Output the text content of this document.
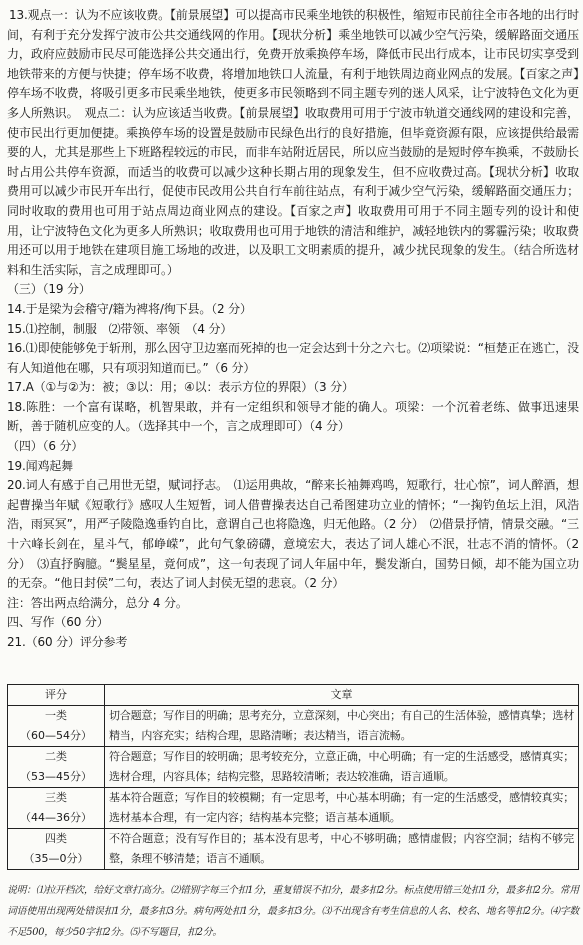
13.观点一：认为不应该收费。【前景展望】可以提高市民乘坐地铁的积极性，缩短市民前往全市各地的出行时间，有利于充分发挥宁波市公共交通线网的作用。【现状分析】乘坐地铁可以减少空气污染，缓解路面交通压力，政府应鼓励市民尽可能选择公共交通出行，免费开放乘换停车场，降低市民出行成本，让市民切实享受到地铁带来的方便与快捷；停车场不收费，将增加地铁口人流量，有利于地铁周边商业网点的发展。【百家之声】停车场不收费，将吸引更多市民乘坐地铁，使更多市民领略到不同主题专列的迷人风采，让宁波特色文化为更多人所熟识。　观点二：认为应该适当收费。【前景展望】收取费用可用于宁波市轨道交通线网的建设和完善，使市民出行更加便捷。乘换停车场的设置是鼓励市民绿色出行的良好措施，但毕竟资源有限，应该提供给最需要的人，尤其是那些上下班路程较远的市民，而非车站附近居民，所以应当鼓励的是短时停车换乘，不鼓励长时占用公共停车资源，而适当的收费可以减少这种长期占用的现象发生，但不应收费过高。【现状分析】收取费用可以减少市民开车出行，促使市民改用公共自行车前往站点，有利于减少空气污染，缓解路面交通压力；同时收取的费用也可用于站点周边商业网点的建设。【百家之声】收取费用可用于不同主题专列的设计和使用，让宁波特色文化为更多人所熟识；收取费用也可用于地铁的清洁和维护，减轻地铁内的雾霾污染；收取费用还可以用于地铁在建项目施工场地的改进，以及职工文明素质的提升，减少扰民现象的发生。（结合所选材料和生活实际，言之成理即可。）

（三）（19 分）

14.于是梁为会稽守/籍为裨将/徇下县。（2 分）

15.⑴控制，制服　⑵带领、率领　（4 分）

16.⑴即使能够免于斩刑，那么因守卫边塞而死掉的也一定会达到十分之六七。⑵项梁说：“桓楚正在逃亡，没有人知道他在哪，只有项羽知道而已。”（6 分）

17.A（①与②为：被；③以：用；④以：表示方位的界限）（3 分）

18.陈胜：一个富有谋略，机智果敢，并有一定组织和领导才能的确人。项梁：一个沉着老练、做事迅速果断，善于随机应变的人。（选择其中一个，言之成理即可）（4 分）

（四）（6 分）

19.闻鸡起舞

20.词人有感于自己用世无望，赋词抒志。　⑴运用典故，“醉来长袖舞鸡鸣，短歌行，壮心惊”，词人醉酒，想起曹操当年赋《短歌行》感叹人生短暂，词人借曹操表达自己希图建功立业的情怀；“一掬钓鱼坛上泪，风浩浩，雨冥冥”，用严子陵隐逸垂钓自比，意谓自己也将隐逸，归无他路。（2 分）　⑵借景抒情，情景交融。“三十六峰长剑在，星斗气，郁峥嵘”，此句气象磅礴，意境宏大，表达了词人雄心不泯，壮志不消的情怀。（2 分）　⑶直抒胸臆。“鬓星星，竟何成”，这一句表现了词人年届中年，鬓发渐白，国势日倾，却不能为国立功的无奈。“他日封侯”二句，表达了词人封侯无望的悲哀。（2 分）

注：答出两点给满分，总分 4 分。

四、写作（60 分）

21.（60 分）评分参考

评分	文章

一类
（60—54分）	切合题意；写作目的明确；思考充分，立意深刻，中心突出；有自己的生活体验，感情真挚；选材精当，内容充实；结构合理，思路清晰；表达精当，语言流畅。

二类
（53—45分）	符合题意；写作目的较明确；思考较充分，立意正确，中心明确；有一定的生活感受，感情真实；选材合理，内容具体；结构完整，思路较清晰；表达较准确，语言通顺。

三类
（44—36分）	基本符合题意；写作目的较模糊；有一定思考，中心基本明确；有一定的生活感受，感情较真实；选材基本合理，有一定内容；结构基本完整；语言基本通顺。

四类
（35—0分）	不符合题意；没有写作目的；基本没有思考，中心不够明确；感情虚假；内容空洞；结构不够完整，条理不够清楚；语言不通顺。
说明：⑴拉开档次，给好文章打高分。⑵错别字每三个扣1分，重复错误不扣分，最多扣2分。标点使用错三处扣1分，最多扣2分。常用词语使用出现两处错误扣1分，最多扣3分。病句两处扣1分，最多扣3分。⑶不出现含有考生信息的人名、校名、地名等扣2分。⑷字数不足500，每少50字扣2分。⑸不写题目，扣2分。
